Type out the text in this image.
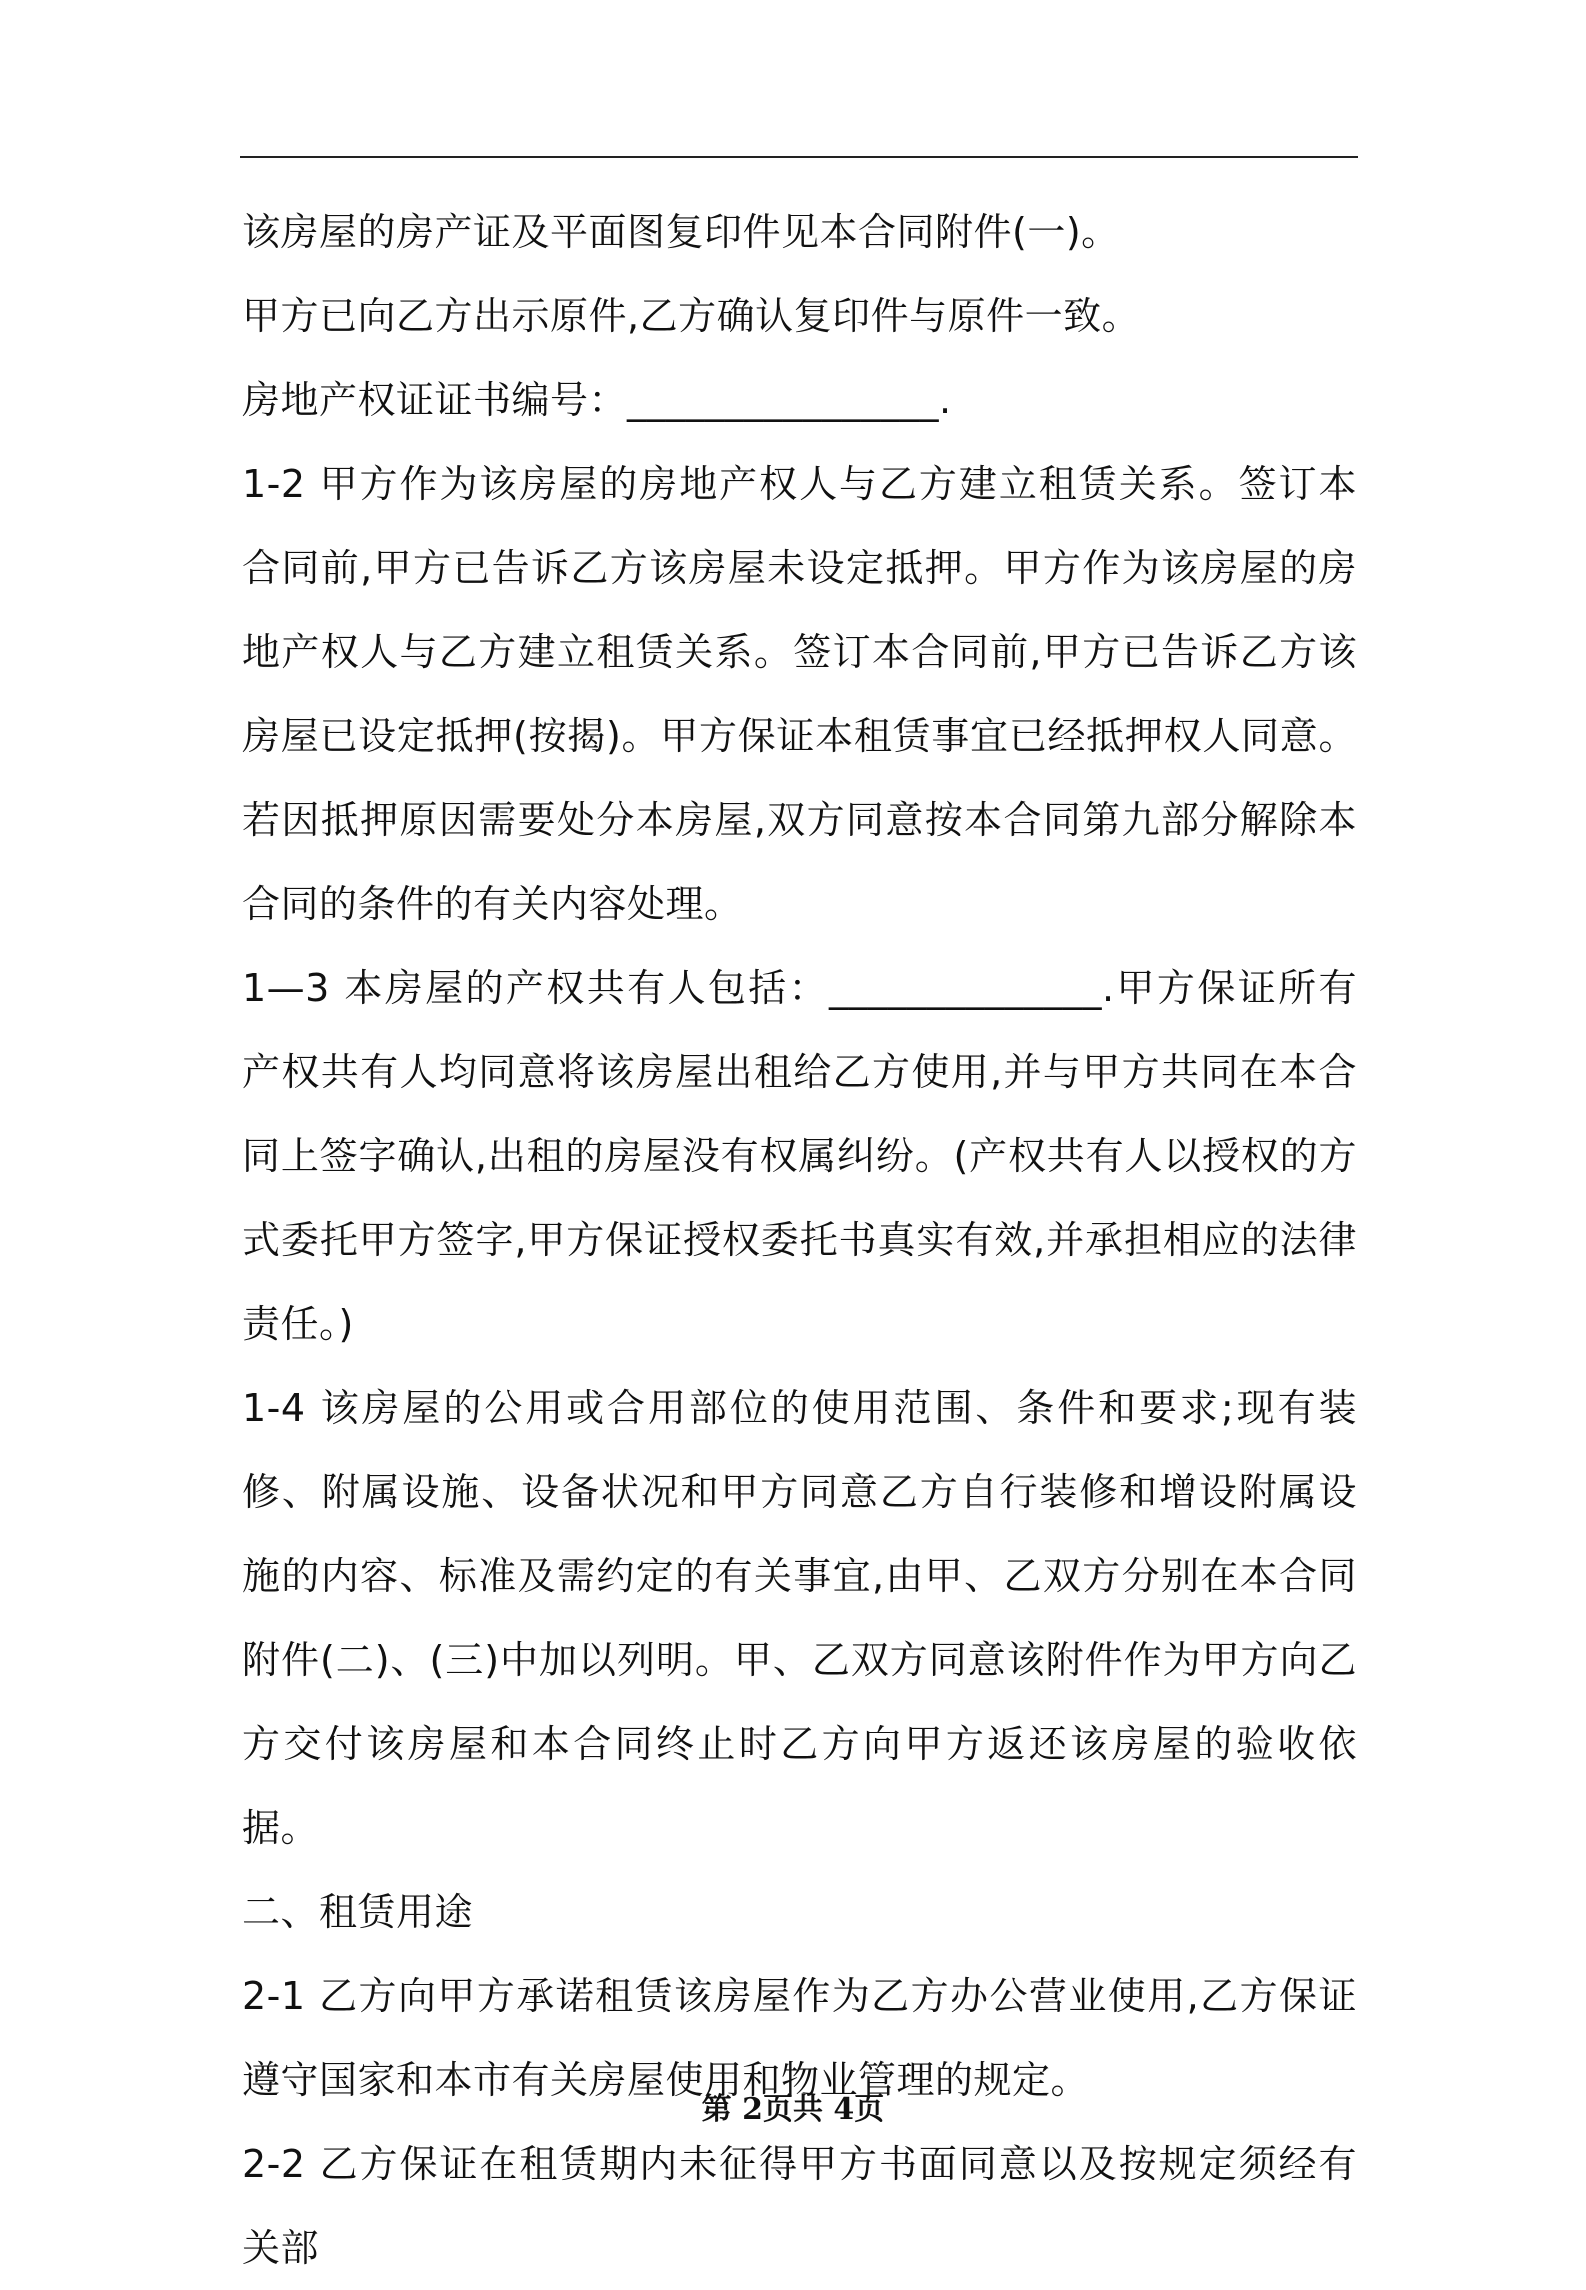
该房屋的房产证及平面图复印件见本合同附件(一)。

甲方已向乙方出示原件,乙方确认复印件与原件一致。

房地产权证证书编号：________________.

1-2 甲方作为该房屋的房地产权人与乙方建立租赁关系。签订本合同前,甲方已告诉乙方该房屋未设定抵押。甲方作为该房屋的房地产权人与乙方建立租赁关系。签订本合同前,甲方已告诉乙方该房屋已设定抵押(按揭)。甲方保证本租赁事宜已经抵押权人同意。若因抵押原因需要处分本房屋,双方同意按本合同第九部分解除本合同的条件的有关内容处理。

1—3 本房屋的产权共有人包括：______________.甲方保证所有产权共有人均同意将该房屋出租给乙方使用,并与甲方共同在本合同上签字确认,出租的房屋没有权属纠纷。(产权共有人以授权的方式委托甲方签字,甲方保证授权委托书真实有效,并承担相应的法律责任。)

1-4 该房屋的公用或合用部位的使用范围、条件和要求;现有装修、附属设施、设备状况和甲方同意乙方自行装修和增设附属设施的内容、标准及需约定的有关事宜,由甲、乙双方分别在本合同附件(二)、(三)中加以列明。甲、乙双方同意该附件作为甲方向乙方交付该房屋和本合同终止时乙方向甲方返还该房屋的验收依据。

二、租赁用途

2-1 乙方向甲方承诺租赁该房屋作为乙方办公营业使用,乙方保证遵守国家和本市有关房屋使用和物业管理的规定。

2-2 乙方保证在租赁期内未征得甲方书面同意以及按规定须经有关部

第 2页共 4页
